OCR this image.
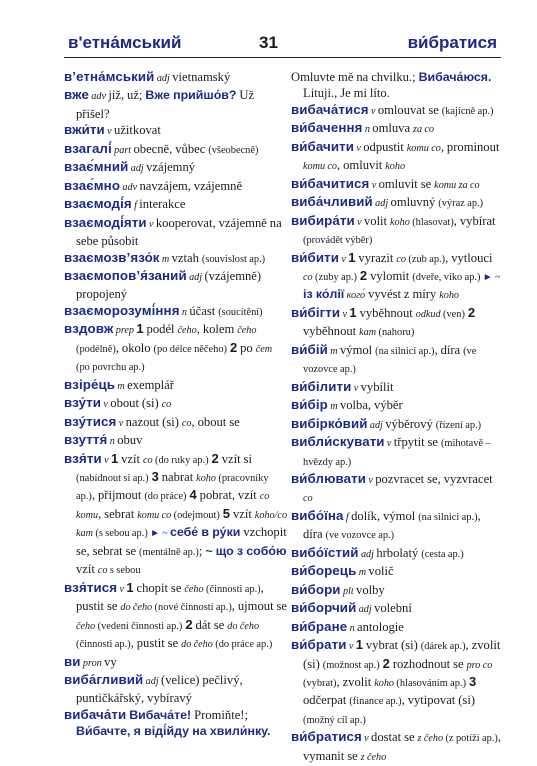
в'етна́мський	31	ви́братися

в’етна́мський adj vietnamský

вже adv již, už; Вже прийшо́в? Už přišel?

вжи́ти v užitkovat

взагалі́ part obecně, vůbec (všeobecně)

взає́мний adj vzájemný

взає́мно adv navzájem, vzájemně

взаємоді́я f interakce

взаємоді́яти v kooperovat, vzájemně na sebe působit

взаємозв’язо́к m vztah (souvislost ap.)

взаємопов’я́заний adj (vzájemně) propojený

взаєморозумі́ння n účast (soucítění)

вздовж prep 1 podél čeho, kolem čeho (podélně), okolo (po délce něčeho) 2 po čem (po povrchu ap.)

взіре́ць m exemplář

взу́ти v obout (si) co

взу́тися v nazout (si) co, obout se

взуття́ n obuv

взя́ти v 1 vzít co (do ruky ap.) 2 vzít si (nabídnout si ap.) 3 nabrat koho (pracovníky ap.), přijmout (do práce) 4 pobrat, vzít co komu, sebrat komu co (odejmout) 5 vzít koho/co kam (s sebou ap.) ► ~ себе́ в ру́ки vzchopit se, sebrat se (mentálně ap.); ~ що з собо́ю vzít co s sebou

взя́тися v 1 chopit se čeho (činnosti ap.), pustit se do čeho (nové činnosti ap.), ujmout se čeho (vedení činnosti ap.) 2 dát se do čeho (činnosti ap.), pustit se do čeho (do práce ap.)

ви pron vy

виба́гливий adj (velice) pečlivý, puntičkářský, vybíravý

вибача́ти Вибача́те! Promiňte!; Ви́бачте, я віді́йду на хвили́нку.

Omluvte mě na chvilku.; Вибача́юся. Lituji., Je mi líto.

вибача́тися v omlouvat se (kajícně ap.)

ви́бачення n omluva za co

ви́бачити v odpustit komu co, prominout komu co, omluvit koho

ви́бачитися v omluvit se komu za co

виба́чливий adj omluvný (výraz ap.)

вибира́ти v volit koho (hlasovat), vybírat (provádět výběr)

ви́бити v 1 vyrazit co (zub ap.), vytlouci co (zuby ap.) 2 vylomit (dveře, víko ap.) ► ~ із ко́лії кого́ vyvést z míry koho

ви́бігти v 1 vyběhnout odkud (ven) 2 vyběhnout kam (nahoru)

ви́бій m výmol (na silnici ap.), díra (ve vozovce ap.)

ви́білити v vybílit

ви́бір m volba, výběr

вибірко́вий adj výběrový (řízení ap.)

вибли́скувати v třpytit se (mihotavě – hvězdy ap.)

ви́блювати v pozvracet se, vyzvracet co

вибо́їна f dolík, výmol (na silnici ap.), díra (ve vozovce ap.)

вибо́їстий adj hrbolatý (cesta ap.)

ви́борець m volič

ви́бори plt volby

ви́борчий adj volební

ви́бране n antologie

ви́брати v 1 vybrat (si) (dárek ap.), zvolit (si) (možnost ap.) 2 rozhodnout se pro co (vybrat), zvolit koho (hlasováním ap.) 3 odčerpat (finance ap.), vytipovat (si) (možný cíl ap.)

ви́братися v dostat se z čeho (z potíží ap.), vymanit se z čeho
